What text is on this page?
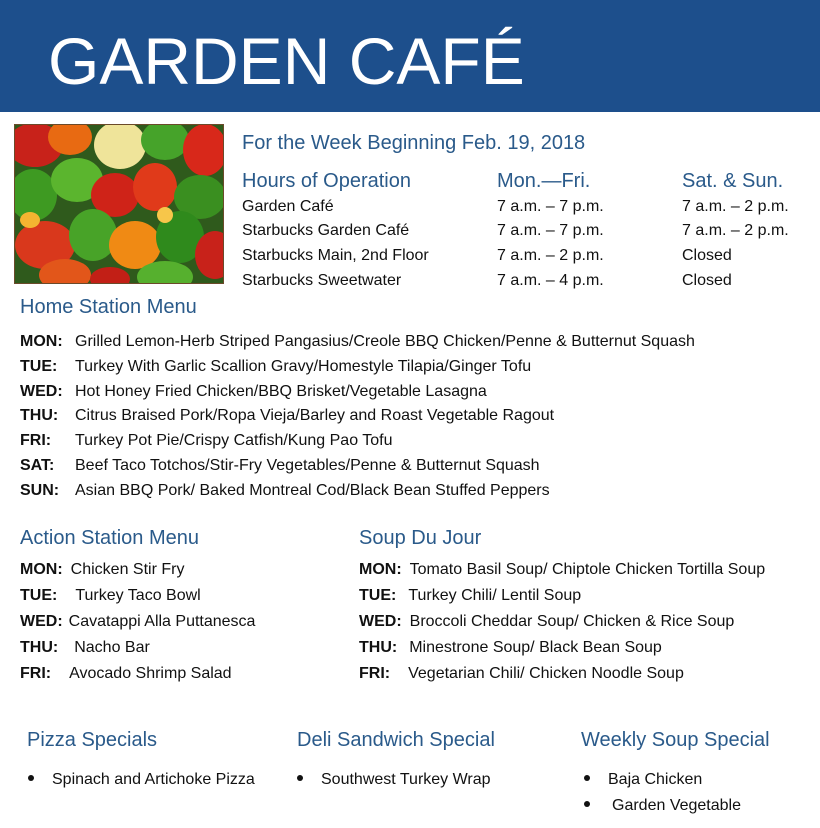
GARDEN CAFÉ
For the Week Beginning Feb. 19, 2018
Hours of Operation	Mon.—Fri.	Sat. & Sun.
Garden Café	7 a.m. – 7 p.m.	7 a.m. – 2 p.m.
Starbucks Garden Café	7 a.m. – 7 p.m.	7 a.m. – 2 p.m.
Starbucks Main, 2nd Floor	7 a.m. – 2 p.m.	Closed
Starbucks Sweetwater	7 a.m. – 4 p.m.	Closed
Home Station Menu
MON: Grilled Lemon-Herb Striped Pangasius/Creole BBQ Chicken/Penne & Butternut Squash
TUE: Turkey With Garlic Scallion Gravy/Homestyle Tilapia/Ginger Tofu
WED: Hot Honey Fried Chicken/BBQ Brisket/Vegetable Lasagna
THU: Citrus Braised Pork/Ropa Vieja/Barley and Roast Vegetable Ragout
FRI: Turkey Pot Pie/Crispy Catfish/Kung Pao Tofu
SAT: Beef Taco Totchos/Stir-Fry Vegetables/Penne & Butternut Squash
SUN: Asian BBQ Pork/ Baked Montreal Cod/Black Bean Stuffed Peppers
Action Station Menu
MON: Chicken Stir Fry
TUE: Turkey Taco Bowl
WED: Cavatappi Alla Puttanesca
THU: Nacho Bar
FRI: Avocado Shrimp Salad
Soup Du Jour
MON: Tomato Basil Soup/ Chiptole Chicken Tortilla Soup
TUE: Turkey Chili/ Lentil Soup
WED: Broccoli Cheddar Soup/ Chicken & Rice Soup
THU: Minestrone Soup/ Black Bean Soup
FRI: Vegetarian Chili/ Chicken Noodle Soup
Pizza Specials
Spinach and Artichoke Pizza
Deli Sandwich Special
Southwest Turkey Wrap
Weekly Soup Special
Baja Chicken
Garden Vegetable
